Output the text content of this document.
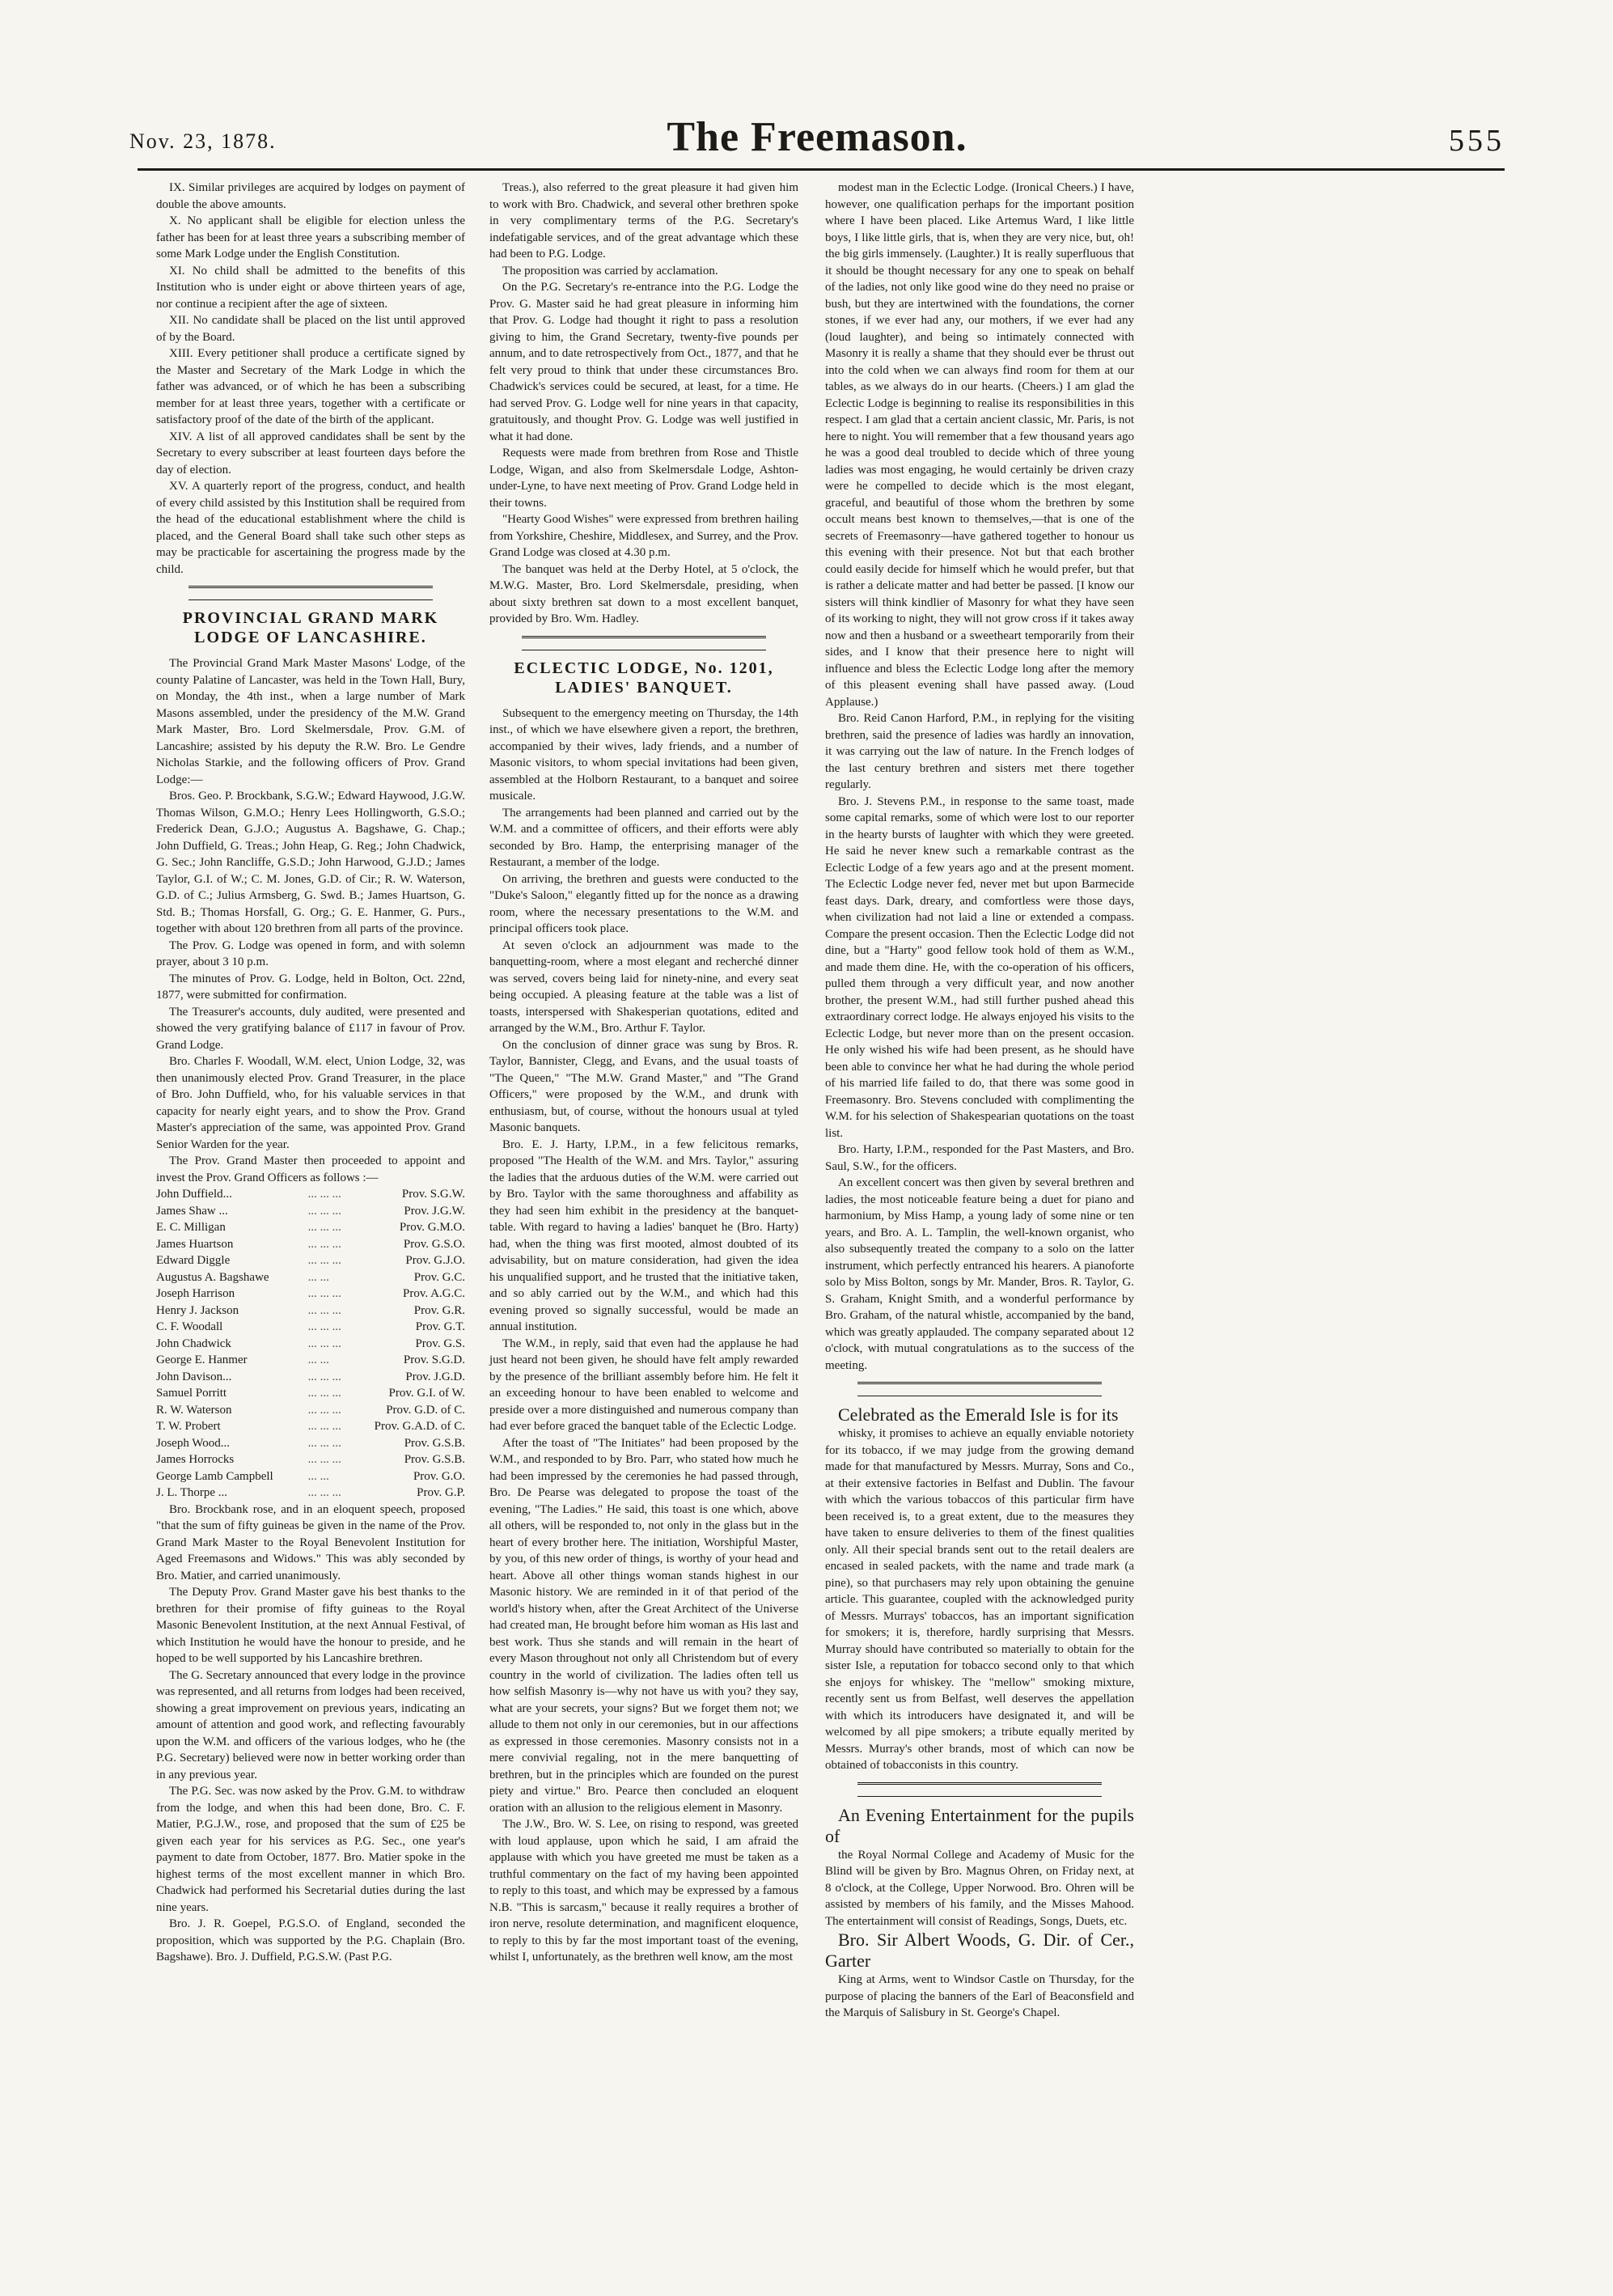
Nov. 23, 1878.	The Freemason.	555

IX. Similar privileges are acquired by lodges on payment of double the above amounts.

X. No applicant shall be eligible for election unless the father has been for at least three years a subscribing member of some Mark Lodge under the English Constitution.

XI. No child shall be admitted to the benefits of this Institution who is under eight or above thirteen years of age, nor continue a recipient after the age of sixteen.

XII. No candidate shall be placed on the list until approved of by the Board.

XIII. Every petitioner shall produce a certificate signed by the Master and Secretary of the Mark Lodge in which the father was advanced, or of which he has been a subscribing member for at least three years, together with a certificate or satisfactory proof of the date of the birth of the applicant.

XIV. A list of all approved candidates shall be sent by the Secretary to every subscriber at least fourteen days before the day of election.

XV. A quarterly report of the progress, conduct, and health of every child assisted by this Institution shall be required from the head of the educational establishment where the child is placed, and the General Board shall take such other steps as may be practicable for ascertaining the progress made by the child.

PROVINCIAL GRAND MARK LODGE OF LANCASHIRE.

The Provincial Grand Mark Master Masons' Lodge, of the county Palatine of Lancaster, was held in the Town Hall, Bury, on Monday, the 4th inst., when a large number of Mark Masons assembled, under the presidency of the M.W. Grand Mark Master, Bro. Lord Skelmersdale, Prov. G.M. of Lancashire; assisted by his deputy the R.W. Bro. Le Gendre Nicholas Starkie, and the following officers of Prov. Grand Lodge:—

Bros. Geo. P. Brockbank, S.G.W.; Edward Haywood, J.G.W. Thomas Wilson, G.M.O.; Henry Lees Hollingworth, G.S.O.; Frederick Dean, G.J.O.; Augustus A. Bagshawe, G. Chap.; John Duffield, G. Treas.; John Heap, G. Reg.; John Chadwick, G. Sec.; John Rancliffe, G.S.D.; John Harwood, G.J.D.; James Taylor, G.I. of W.; C. M. Jones, G.D. of Cir.; R. W. Waterson, G.D. of C.; Julius Armsberg, G. Swd. B.; James Huartson, G. Std. B.; Thomas Horsfall, G. Org.; G. E. Hanmer, G. Purs., together with about 120 brethren from all parts of the province.

The Prov. G. Lodge was opened in form, and with solemn prayer, about 3 10 p.m.

The minutes of Prov. G. Lodge, held in Bolton, Oct. 22nd, 1877, were submitted for confirmation.

The Treasurer's accounts, duly audited, were presented and showed the very gratifying balance of £117 in favour of Prov. Grand Lodge.

Bro. Charles F. Woodall, W.M. elect, Union Lodge, 32, was then unanimously elected Prov. Grand Treasurer, in the place of Bro. John Duffield, who, for his valuable services in that capacity for nearly eight years, and to show the Prov. Grand Master's appreciation of the same, was appointed Prov. Grand Senior Warden for the year.

The Prov. Grand Master then proceeded to appoint and invest the Prov. Grand Officers as follows :—

John Duffield...	... ... ...	Prov. S.G.W.
James Shaw ...	... ... ...	Prov. J.G.W.
E. C. Milligan	... ... ...	Prov. G.M.O.
James Huartson	... ... ...	Prov. G.S.O.
Edward Diggle	... ... ...	Prov. G.J.O.
Augustus A. Bagshawe	... ...	Prov. G.C.
Joseph Harrison	... ... ...	Prov. A.G.C.
Henry J. Jackson	... ... ...	Prov. G.R.
C. F. Woodall	... ... ...	Prov. G.T.
John Chadwick	... ... ...	Prov. G.S.
George E. Hanmer	... ...	Prov. S.G.D.
John Davison...	... ... ...	Prov. J.G.D.
Samuel Porritt	... ... ...	Prov. G.I. of W.
R. W. Waterson	... ... ...	Prov. G.D. of C.
T. W. Probert	... ... ...	Prov. G.A.D. of C.
Joseph Wood...	... ... ...	Prov. G.S.B.
James Horrocks	... ... ...	Prov. G.S.B.
George Lamb Campbell	... ...	Prov. G.O.
J. L. Thorpe ...	... ... ...	Prov. G.P.

Bro. Brockbank rose, and in an eloquent speech, proposed "that the sum of fifty guineas be given in the name of the Prov. Grand Mark Master to the Royal Benevolent Institution for Aged Freemasons and Widows." This was ably seconded by Bro. Matier, and carried unanimously.

The Deputy Prov. Grand Master gave his best thanks to the brethren for their promise of fifty guineas to the Royal Masonic Benevolent Institution, at the next Annual Festival, of which Institution he would have the honour to preside, and he hoped to be well supported by his Lancashire brethren.

The G. Secretary announced that every lodge in the province was represented, and all returns from lodges had been received, showing a great improvement on previous years, indicating an amount of attention and good work, and reflecting favourably upon the W.M. and officers of the various lodges, who he (the P.G. Secretary) believed were now in better working order than in any previous year.

The P.G. Sec. was now asked by the Prov. G.M. to withdraw from the lodge, and when this had been done, Bro. C. F. Matier, P.G.J.W., rose, and proposed that the sum of £25 be given each year for his services as P.G. Sec., one year's payment to date from October, 1877. Bro. Matier spoke in the highest terms of the most excellent manner in which Bro. Chadwick had performed his Secretarial duties during the last nine years.

Bro. J. R. Goepel, P.G.S.O. of England, seconded the proposition, which was supported by the P.G. Chaplain (Bro. Bagshawe). Bro. J. Duffield, P.G.S.W. (Past P.G.

Treas.), also referred to the great pleasure it had given him to work with Bro. Chadwick, and several other brethren spoke in very complimentary terms of the P.G. Secretary's indefatigable services, and of the great advantage which these had been to P.G. Lodge.

The proposition was carried by acclamation.

On the P.G. Secretary's re-entrance into the P.G. Lodge the Prov. G. Master said he had great pleasure in informing him that Prov. G. Lodge had thought it right to pass a resolution giving to him, the Grand Secretary, twenty-five pounds per annum, and to date retrospectively from Oct., 1877, and that he felt very proud to think that under these circumstances Bro. Chadwick's services could be secured, at least, for a time. He had served Prov. G. Lodge well for nine years in that capacity, gratuitously, and thought Prov. G. Lodge was well justified in what it had done.

Requests were made from brethren from Rose and Thistle Lodge, Wigan, and also from Skelmersdale Lodge, Ashton-under-Lyne, to have next meeting of Prov. Grand Lodge held in their towns.

"Hearty Good Wishes" were expressed from brethren hailing from Yorkshire, Cheshire, Middlesex, and Surrey, and the Prov. Grand Lodge was closed at 4.30 p.m.

The banquet was held at the Derby Hotel, at 5 o'clock, the M.W.G. Master, Bro. Lord Skelmersdale, presiding, when about sixty brethren sat down to a most excellent banquet, provided by Bro. Wm. Hadley.

ECLECTIC LODGE, No. 1201, LADIES' BANQUET.

Subsequent to the emergency meeting on Thursday, the 14th inst., of which we have elsewhere given a report, the brethren, accompanied by their wives, lady friends, and a number of Masonic visitors, to whom special invitations had been given, assembled at the Holborn Restaurant, to a banquet and soiree musicale.

The arrangements had been planned and carried out by the W.M. and a committee of officers, and their efforts were ably seconded by Bro. Hamp, the enterprising manager of the Restaurant, a member of the lodge.

On arriving, the brethren and guests were conducted to the "Duke's Saloon," elegantly fitted up for the nonce as a drawing room, where the necessary presentations to the W.M. and principal officers took place.

At seven o'clock an adjournment was made to the banquetting-room, where a most elegant and recherché dinner was served, covers being laid for ninety-nine, and every seat being occupied. A pleasing feature at the table was a list of toasts, interspersed with Shakesperian quotations, edited and arranged by the W.M., Bro. Arthur F. Taylor.

On the conclusion of dinner grace was sung by Bros. R. Taylor, Bannister, Clegg, and Evans, and the usual toasts of "The Queen," "The M.W. Grand Master," and "The Grand Officers," were proposed by the W.M., and drunk with enthusiasm, but, of course, without the honours usual at tyled Masonic banquets.

Bro. E. J. Harty, I.P.M., in a few felicitous remarks, proposed "The Health of the W.M. and Mrs. Taylor," assuring the ladies that the arduous duties of the W.M. were carried out by Bro. Taylor with the same thoroughness and affability as they had seen him exhibit in the presidency at the banquet-table. With regard to having a ladies' banquet he (Bro. Harty) had, when the thing was first mooted, almost doubted of its advisability, but on mature consideration, had given the idea his unqualified support, and he trusted that the initiative taken, and so ably carried out by the W.M., and which had this evening proved so signally successful, would be made an annual institution.

The W.M., in reply, said that even had the applause he had just heard not been given, he should have felt amply rewarded by the presence of the brilliant assembly before him. He felt it an exceeding honour to have been enabled to welcome and preside over a more distinguished and numerous company than had ever before graced the banquet table of the Eclectic Lodge.

After the toast of "The Initiates" had been proposed by the W.M., and responded to by Bro. Parr, who stated how much he had been impressed by the ceremonies he had passed through, Bro. De Pearse was delegated to propose the toast of the evening, "The Ladies." He said, this toast is one which, above all others, will be responded to, not only in the glass but in the heart of every brother here. The initiation, Worshipful Master, by you, of this new order of things, is worthy of your head and heart. Above all other things woman stands highest in our Masonic history. We are reminded in it of that period of the world's history when, after the Great Architect of the Universe had created man, He brought before him woman as His last and best work. Thus she stands and will remain in the heart of every Mason throughout not only all Christendom but of every country in the world of civilization. The ladies often tell us how selfish Masonry is—why not have us with you? they say, what are your secrets, your signs? But we forget them not; we allude to them not only in our ceremonies, but in our affections as expressed in those ceremonies. Masonry consists not in a mere convivial regaling, not in the mere banquetting of brethren, but in the principles which are founded on the purest piety and virtue." Bro. Pearce then concluded an eloquent oration with an allusion to the religious element in Masonry.

The J.W., Bro. W. S. Lee, on rising to respond, was greeted with loud applause, upon which he said, I am afraid the applause with which you have greeted me must be taken as a truthful commentary on the fact of my having been appointed to reply to this toast, and which may be expressed by a famous N.B. "This is sarcasm," because it really requires a brother of iron nerve, resolute determination, and magnificent eloquence, to reply to this by far the most important toast of the evening, whilst I, unfortunately, as the brethren well know, am the most

modest man in the Eclectic Lodge. (Ironical Cheers.) I have, however, one qualification perhaps for the important position where I have been placed. Like Artemus Ward, I like little boys, I like little girls, that is, when they are very nice, but, oh! the big girls immensely. (Laughter.) It is really superfluous that it should be thought necessary for any one to speak on behalf of the ladies, not only like good wine do they need no praise or bush, but they are intertwined with the foundations, the corner stones, if we ever had any, our mothers, if we ever had any (loud laughter), and being so intimately connected with Masonry it is really a shame that they should ever be thrust out into the cold when we can always find room for them at our tables, as we always do in our hearts. (Cheers.) I am glad the Eclectic Lodge is beginning to realise its responsibilities in this respect. I am glad that a certain ancient classic, Mr. Paris, is not here to night. You will remember that a few thousand years ago he was a good deal troubled to decide which of three young ladies was most engaging, he would certainly be driven crazy were he compelled to decide which is the most elegant, graceful, and beautiful of those whom the brethren by some occult means best known to themselves,—that is one of the secrets of Freemasonry—have gathered together to honour us this evening with their presence. Not but that each brother could easily decide for himself which he would prefer, but that is rather a delicate matter and had better be passed. [I know our sisters will think kindlier of Masonry for what they have seen of its working to night, they will not grow cross if it takes away now and then a husband or a sweetheart temporarily from their sides, and I know that their presence here to night will influence and bless the Eclectic Lodge long after the memory of this pleasent evening shall have passed away. (Loud Applause.)

Bro. Reid Canon Harford, P.M., in replying for the visiting brethren, said the presence of ladies was hardly an innovation, it was carrying out the law of nature. In the French lodges of the last century brethren and sisters met there together regularly.

Bro. J. Stevens P.M., in response to the same toast, made some capital remarks, some of which were lost to our reporter in the hearty bursts of laughter with which they were greeted. He said he never knew such a remarkable contrast as the Eclectic Lodge of a few years ago and at the present moment. The Eclectic Lodge never fed, never met but upon Barmecide feast days. Dark, dreary, and comfortless were those days, when civilization had not laid a line or extended a compass. Compare the present occasion. Then the Eclectic Lodge did not dine, but a "Harty" good fellow took hold of them as W.M., and made them dine. He, with the co-operation of his officers, pulled them through a very difficult year, and now another brother, the present W.M., had still further pushed ahead this extraordinary correct lodge. He always enjoyed his visits to the Eclectic Lodge, but never more than on the present occasion. He only wished his wife had been present, as he should have been able to convince her what he had during the whole period of his married life failed to do, that there was some good in Freemasonry. Bro. Stevens concluded with complimenting the W.M. for his selection of Shakespearian quotations on the toast list.

Bro. Harty, I.P.M., responded for the Past Masters, and Bro. Saul, S.W., for the officers.

An excellent concert was then given by several brethren and ladies, the most noticeable feature being a duet for piano and harmonium, by Miss Hamp, a young lady of some nine or ten years, and Bro. A. L. Tamplin, the well-known organist, who also subsequently treated the company to a solo on the latter instrument, which perfectly entranced his hearers. A pianoforte solo by Miss Bolton, songs by Mr. Mander, Bros. R. Taylor, G. S. Graham, Knight Smith, and a wonderful performance by Bro. Graham, of the natural whistle, accompanied by the band, which was greatly applauded. The company separated about 12 o'clock, with mutual congratulations as to the success of the meeting.

Celebrated as the Emerald Isle is for its

whisky, it promises to achieve an equally enviable notoriety for its tobacco, if we may judge from the growing demand made for that manufactured by Messrs. Murray, Sons and Co., at their extensive factories in Belfast and Dublin. The favour with which the various tobaccos of this particular firm have been received is, to a great extent, due to the measures they have taken to ensure deliveries to them of the finest qualities only. All their special brands sent out to the retail dealers are encased in sealed packets, with the name and trade mark (a pine), so that purchasers may rely upon obtaining the genuine article. This guarantee, coupled with the acknowledged purity of Messrs. Murrays' tobaccos, has an important signification for smokers; it is, therefore, hardly surprising that Messrs. Murray should have contributed so materially to obtain for the sister Isle, a reputation for tobacco second only to that which she enjoys for whiskey. The "mellow" smoking mixture, recently sent us from Belfast, well deserves the appellation with which its introducers have designated it, and will be welcomed by all pipe smokers; a tribute equally merited by Messrs. Murray's other brands, most of which can now be obtained of tobacconists in this country.

An Evening Entertainment for the pupils of

the Royal Normal College and Academy of Music for the Blind will be given by Bro. Magnus Ohren, on Friday next, at 8 o'clock, at the College, Upper Norwood. Bro. Ohren will be assisted by members of his family, and the Misses Mahood. The entertainment will consist of Readings, Songs, Duets, etc.

Bro. Sir Albert Woods, G. Dir. of Cer., Garter

King at Arms, went to Windsor Castle on Thursday, for the purpose of placing the banners of the Earl of Beaconsfield and the Marquis of Salisbury in St. George's Chapel.
